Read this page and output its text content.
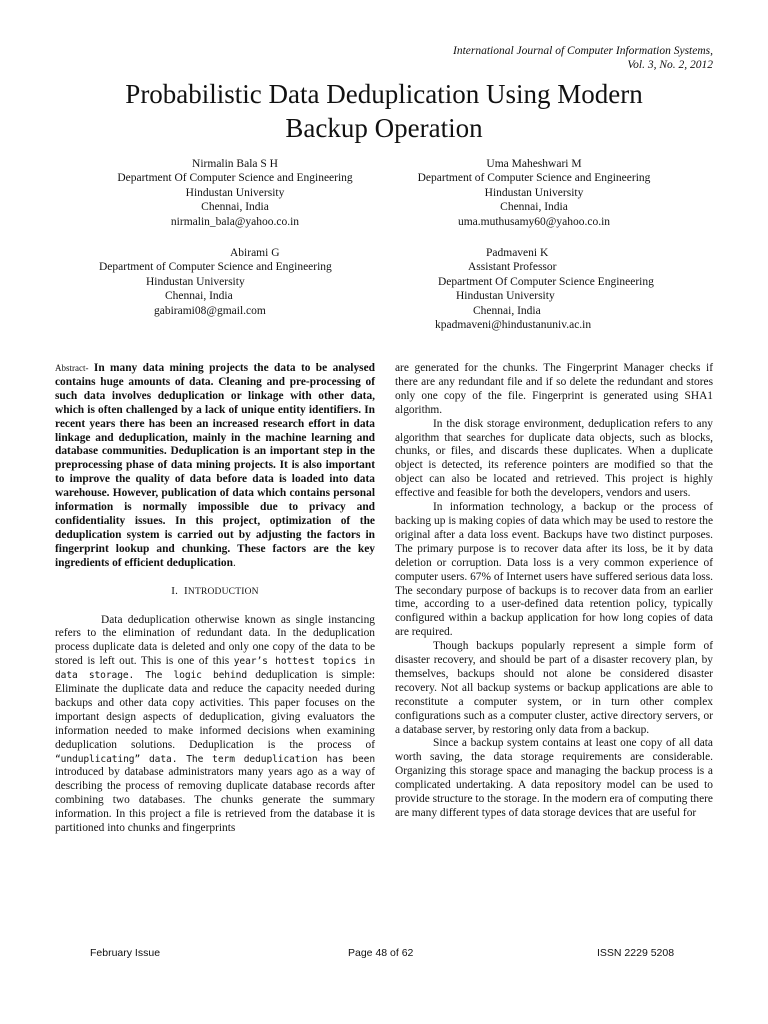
International Journal of Computer Information Systems,
Vol. 3, No. 2, 2012
Probabilistic Data Deduplication Using Modern
Backup Operation
Nirmalin Bala S H
Department Of Computer Science and Engineering
Hindustan University
Chennai, India
nirmalin_bala@yahoo.co.in
Uma Maheshwari M
Department of Computer Science and Engineering
Hindustan University
Chennai, India
uma.muthusamy60@yahoo.co.in
Abirami G
Department of Computer Science and Engineering
Hindustan University
Chennai, India
gabirami08@gmail.com
Padmaveni K
Assistant Professor
Department Of Computer Science Engineering
Hindustan University
Chennai, India
kpadmaveni@hindustanuniv.ac.in

Abstract- In many data mining projects the data to be analysed contains huge amounts of data. Cleaning and pre-processing of such data involves deduplication or linkage with other data, which is often challenged by a lack of unique entity identifiers. In recent years there has been an increased research effort in data linkage and deduplication, mainly in the machine learning and database communities. Deduplication is an important step in the preprocessing phase of data mining projects. It is also important to improve the quality of data before data is loaded into data warehouse. However, publication of data which contains personal information is normally impossible due to privacy and confidentiality issues. In this project, optimization of the deduplication system is carried out by adjusting the factors in fingerprint lookup and chunking. These factors are the key ingredients of efficient deduplication.

I. INTRODUCTION

Data deduplication otherwise known as single instancing refers to the elimination of redundant data. In the deduplication process duplicate data is deleted and only one copy of the data to be stored is left out. This is one of this year’s hottest topics in data storage. The logic behind deduplication is simple: Eliminate the duplicate data and reduce the capacity needed during backups and other data copy activities. This paper focuses on the important design aspects of deduplication, giving evaluators the information needed to make informed decisions when examining deduplication solutions. Deduplication is the process of “unduplicating” data. The term deduplication has been introduced by database administrators many years ago as a way of describing the process of removing duplicate database records after combining two databases. The chunks generate the summary information. In this project a file is retrieved from the database it is partitioned into chunks and fingerprints

are generated for the chunks. The Fingerprint Manager checks if there are any redundant file and if so delete the redundant and stores only one copy of the file. Fingerprint is generated using SHA1 algorithm.

In the disk storage environment, deduplication refers to any algorithm that searches for duplicate data objects, such as blocks, chunks, or files, and discards these duplicates. When a duplicate object is detected, its reference pointers are modified so that the object can also be located and retrieved. This project is highly effective and feasible for both the developers, vendors and users.

In information technology, a backup or the process of backing up is making copies of data which may be used to restore the original after a data loss event. Backups have two distinct purposes. The primary purpose is to recover data after its loss, be it by data deletion or corruption. Data loss is a very common experience of computer users. 67% of Internet users have suffered serious data loss. The secondary purpose of backups is to recover data from an earlier time, according to a user-defined data retention policy, typically configured within a backup application for how long copies of data are required.

Though backups popularly represent a simple form of disaster recovery, and should be part of a disaster recovery plan, by themselves, backups should not alone be considered disaster recovery. Not all backup systems or backup applications are able to reconstitute a computer system, or in turn other complex configurations such as a computer cluster, active directory servers, or a database server, by restoring only data from a backup.

Since a backup system contains at least one copy of all data worth saving, the data storage requirements are considerable. Organizing this storage space and managing the backup process is a complicated undertaking. A data repository model can be used to provide structure to the storage. In the modern era of computing there are many different types of data storage devices that are useful for

February Issue	Page 48 of 62	ISSN 2229 5208
